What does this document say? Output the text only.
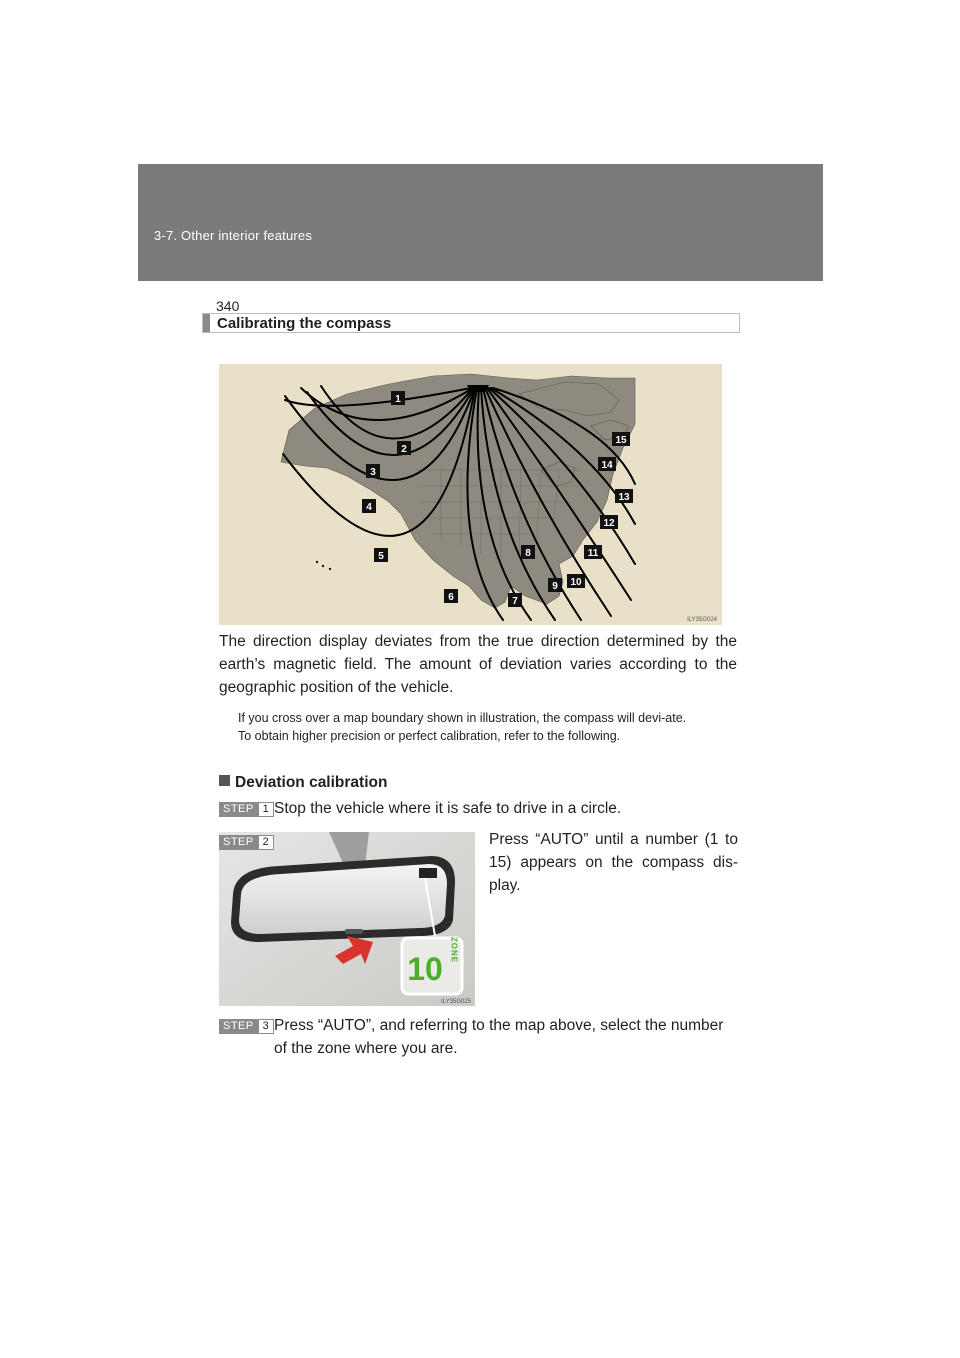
3-7. Other interior features
340
Calibrating the compass
1
2
3
4
5
6	7
8
9 10
11
12
13
14
15
ILY35G024

The direction display deviates from the true direction determined by the earth’s magnetic field. The amount of deviation varies according to the geographic position of the vehicle.

If you cross over a map boundary shown in illustration, the compass will devi-ate.

To obtain higher precision or perfect calibration, refer to the following.

Deviation calibration
STEP 1 Stop the vehicle where it is safe to drive in a circle.

10
ZONE
ILY35G025
STEP 2	Press “AUTO” until a number (1 to 15) appears on the compass dis-play.

STEP 3 Press “AUTO”, and referring to the map above, select the number of the zone where you are.
